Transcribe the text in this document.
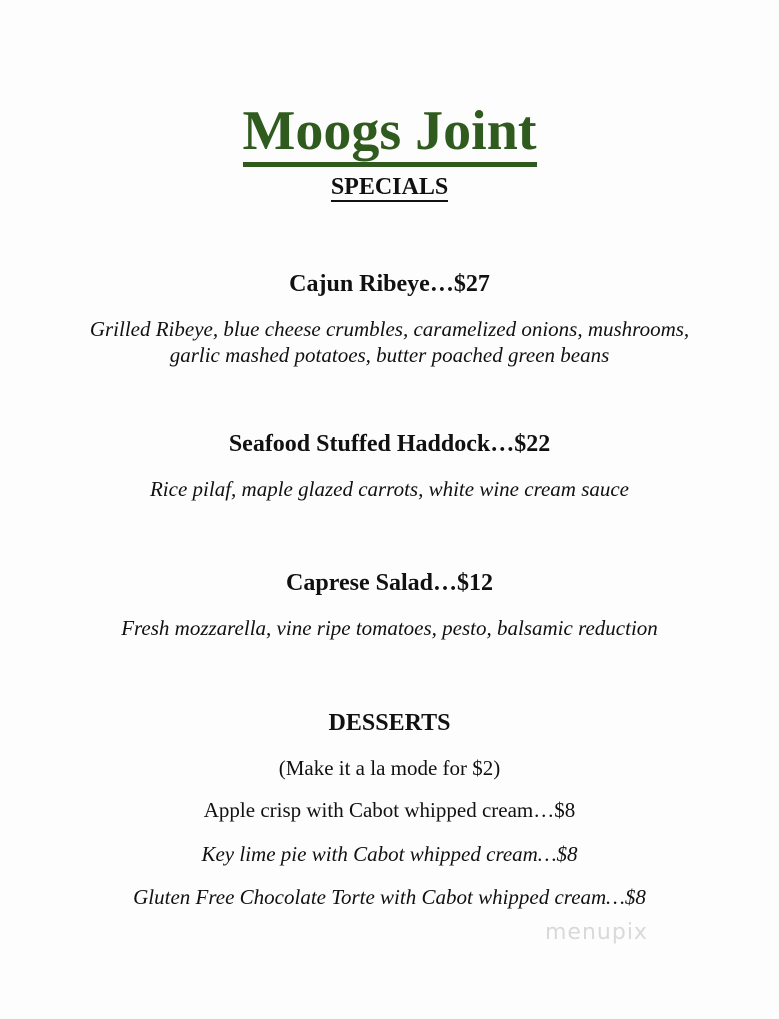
Moogs Joint
SPECIALS
Cajun Ribeye…$27
Grilled Ribeye, blue cheese crumbles, caramelized onions, mushrooms,
garlic mashed potatoes, butter poached green beans
Seafood Stuffed Haddock…$22
Rice pilaf, maple glazed carrots, white wine cream sauce
Caprese Salad…$12
Fresh mozzarella, vine ripe tomatoes, pesto, balsamic reduction
DESSERTS
(Make it a la mode for $2)
Apple crisp with Cabot whipped cream…$8
Key lime pie with Cabot whipped cream…$8
Gluten Free Chocolate Torte with Cabot whipped cream…$8
menupix
